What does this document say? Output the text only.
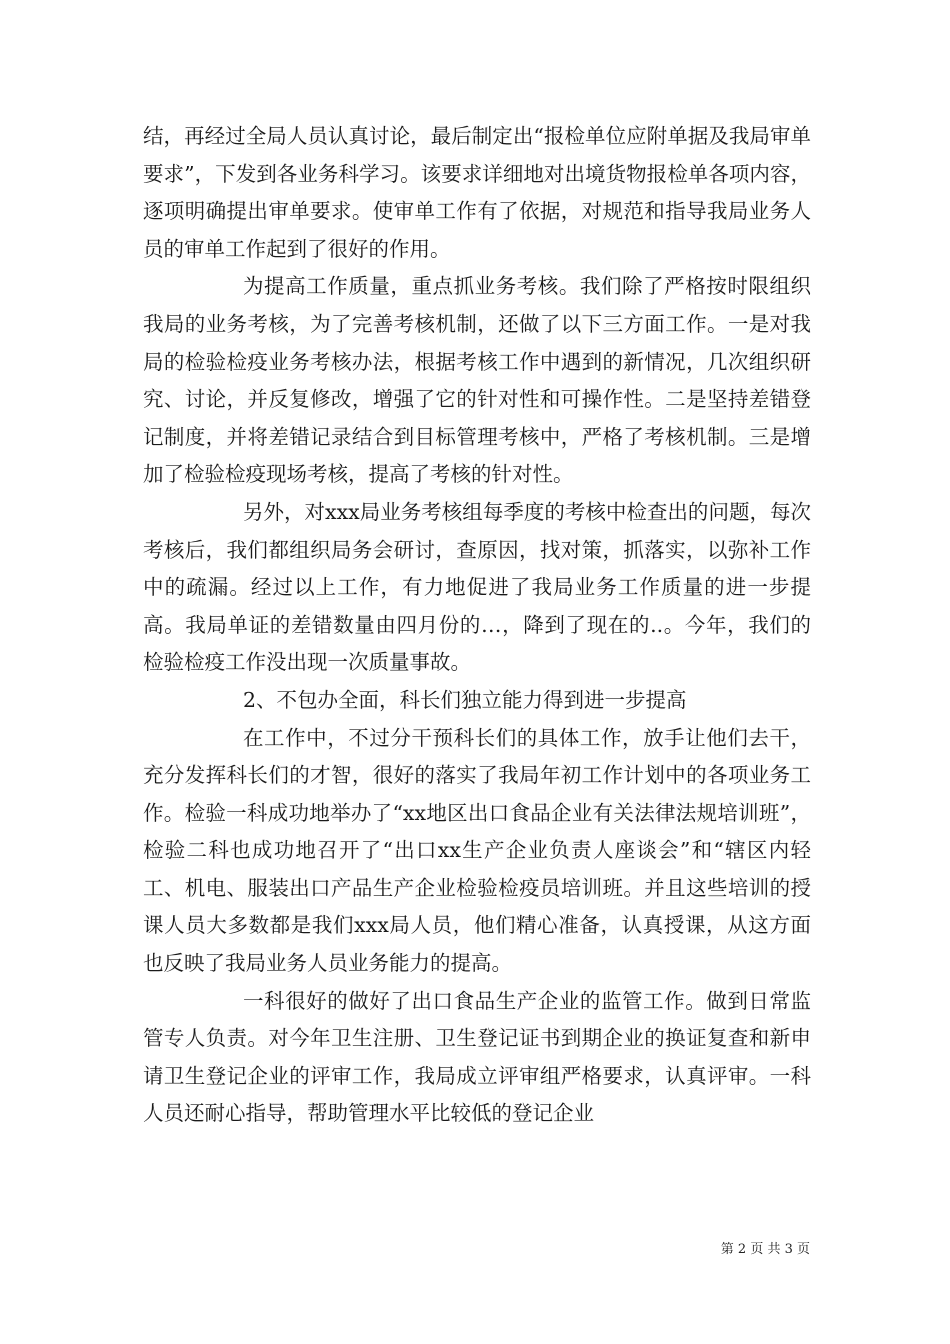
结，再经过全局人员认真讨论，最后制定出“报检单位应附单据及我局审单要求”，下发到各业务科学习。该要求详细地对出境货物报检单各项内容，逐项明确提出审单要求。使审单工作有了依据，对规范和指导我局业务人员的审单工作起到了很好的作用。

为提高工作质量，重点抓业务考核。我们除了严格按时限组织我局的业务考核，为了完善考核机制，还做了以下三方面工作。一是对我局的检验检疫业务考核办法，根据考核工作中遇到的新情况，几次组织研究、讨论，并反复修改，增强了它的针对性和可操作性。二是坚持差错登记制度，并将差错记录结合到目标管理考核中，严格了考核机制。三是增加了检验检疫现场考核，提高了考核的针对性。

另外，对xxx局业务考核组每季度的考核中检查出的问题，每次考核后，我们都组织局务会研讨，查原因，找对策，抓落实，以弥补工作中的疏漏。经过以上工作，有力地促进了我局业务工作质量的进一步提高。我局单证的差错数量由四月份的…，降到了现在的..。今年，我们的检验检疫工作没出现一次质量事故。

2、不包办全面，科长们独立能力得到进一步提高

在工作中，不过分干预科长们的具体工作，放手让他们去干，充分发挥科长们的才智，很好的落实了我局年初工作计划中的各项业务工作。检验一科成功地举办了“xx地区出口食品企业有关法律法规培训班”，检验二科也成功地召开了“出口xx生产企业负责人座谈会”和“辖区内轻工、机电、服装出口产品生产企业检验检疫员培训班。并且这些培训的授课人员大多数都是我们xxx局人员，他们精心准备，认真授课，从这方面也反映了我局业务人员业务能力的提高。

一科很好的做好了出口食品生产企业的监管工作。做到日常监管专人负责。对今年卫生注册、卫生登记证书到期企业的换证复查和新申请卫生登记企业的评审工作，我局成立评审组严格要求，认真评审。一科人员还耐心指导，帮助管理水平比较低的登记企业

第 2 页 共 3 页
